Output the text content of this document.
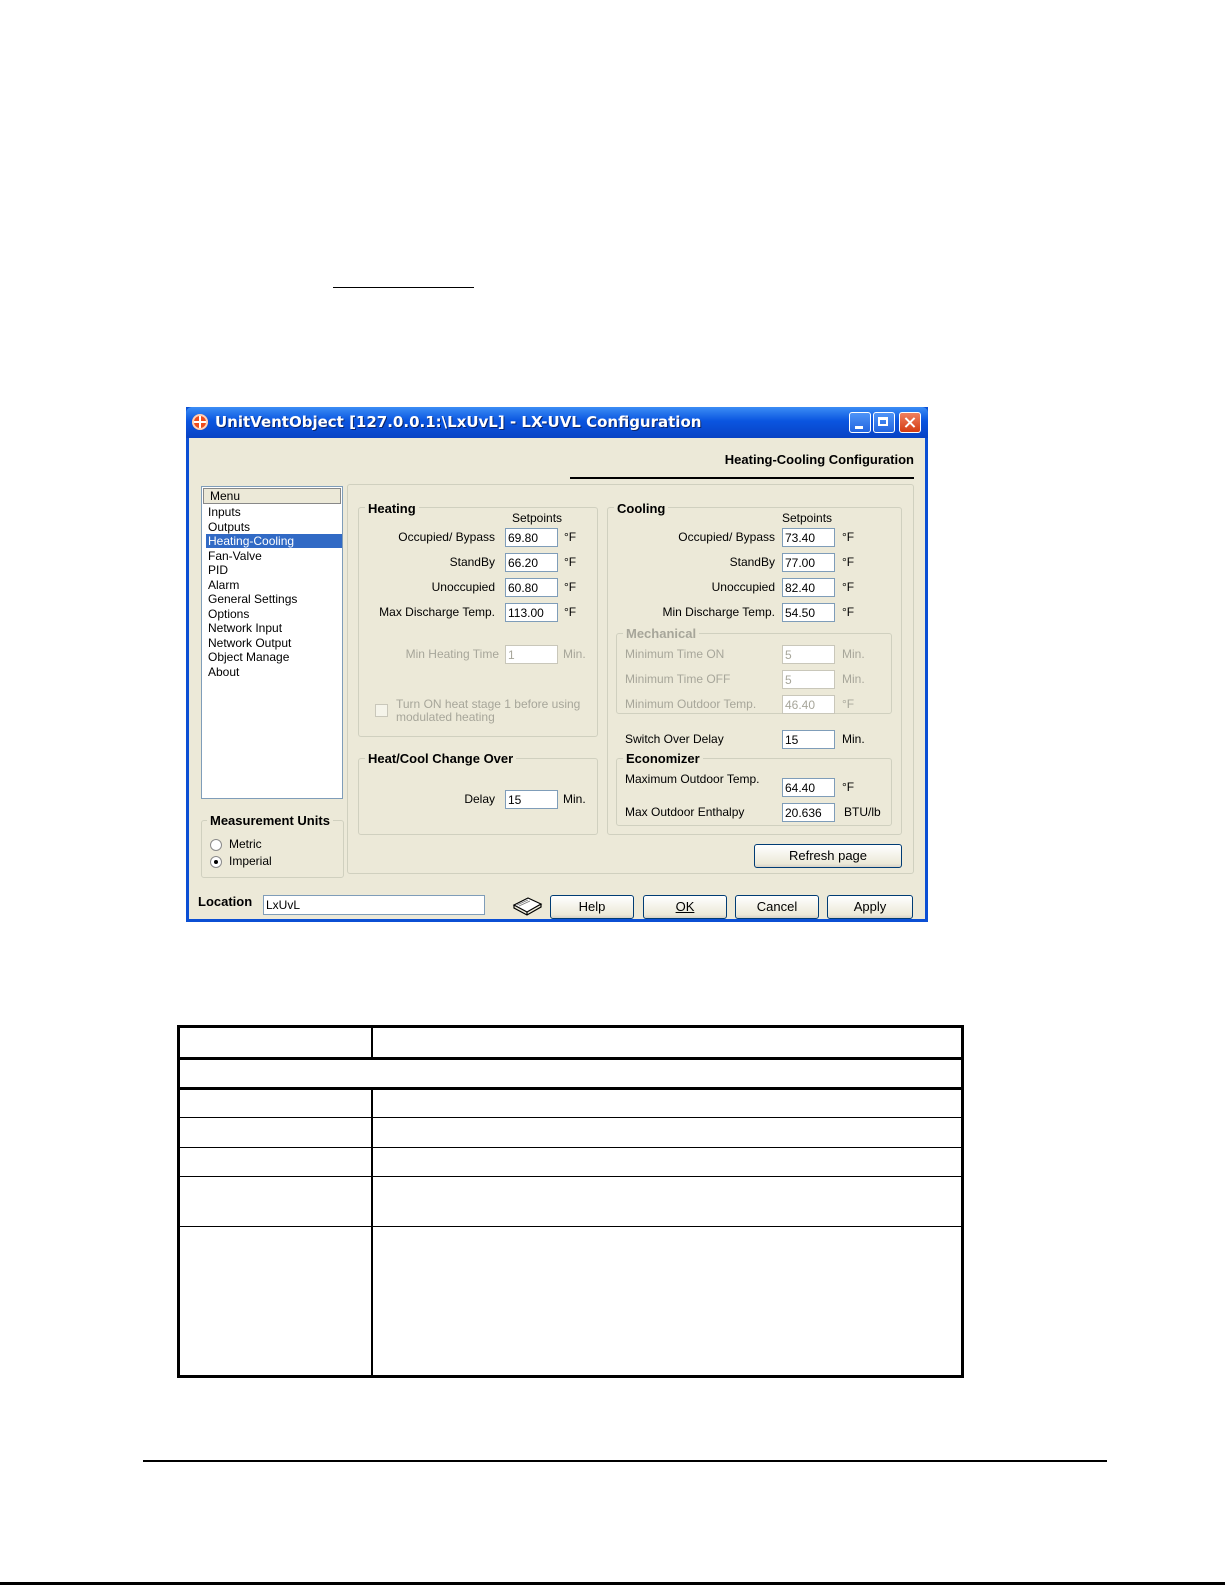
UnitVentObject [127.0.0.1:\LxUvL] - LX-UVL Configuration
Heating-Cooling Configuration
Menu
Inputs
Outputs
Heating-Cooling
Fan-Valve
PID
Alarm
General Settings
Options
Network Input
Network Output
Object Manage
About
Measurement Units
Metric
Imperial
Heating
Setpoints
Occupied/ Bypass
69.80	°F
StandBy
66.20	°F
Unoccupied
60.80	°F
Max Discharge Temp.
113.00	°F
Min Heating Time
1	Min.
Turn ON heat stage 1 before using
modulated heating
Heat/Cool Change Over
Delay
15	Min.
Cooling
Setpoints
Occupied/ Bypass
73.40	°F
StandBy
77.00	°F
Unoccupied
82.40	°F
Min Discharge Temp.
54.50	°F
Mechanical
Minimum Time ON
5	Min.
Minimum Time OFF
5	Min.
Minimum Outdoor Temp.
46.40	°F
Switch Over Delay
15	Min.
Economizer
Maximum Outdoor Temp.
64.40
°F
Max Outdoor Enthalpy
20.636	BTU/lb
Refresh page
Location
LxUvL	Help	OK	Cancel	Apply
